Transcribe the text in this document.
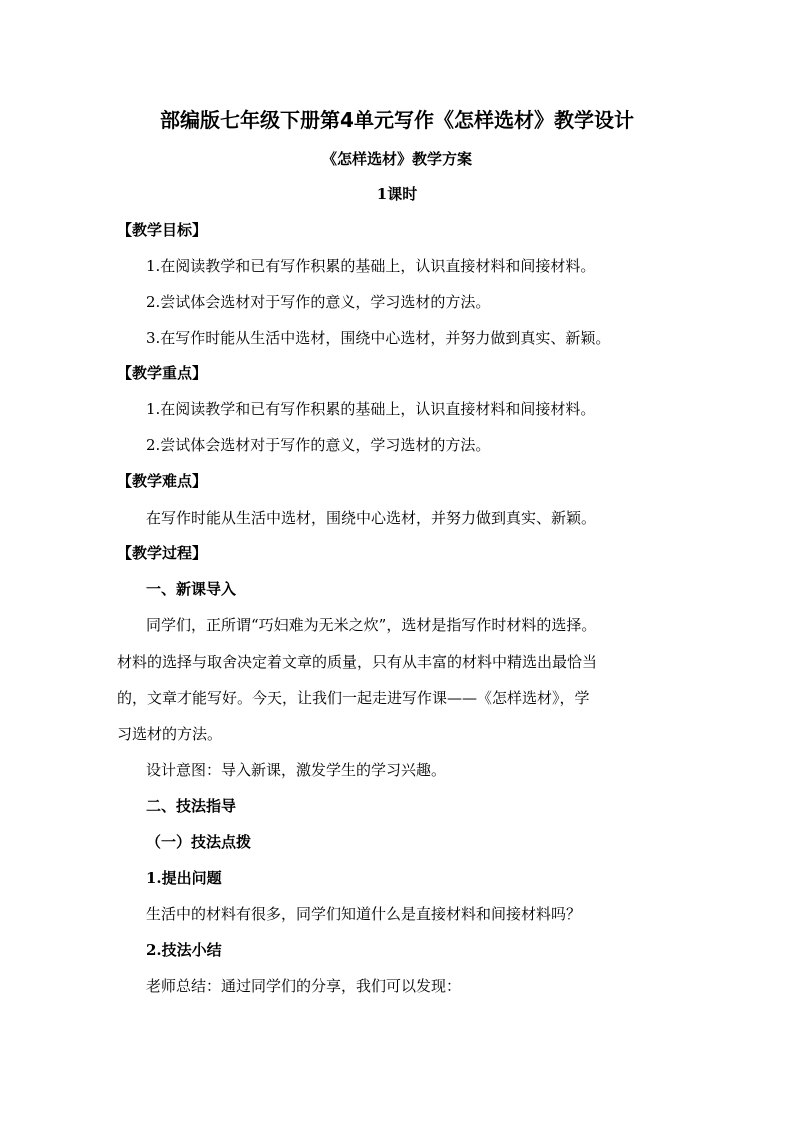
部编版七年级下册第4单元写作《怎样选材》教学设计
《怎样选材》教学方案
1课时
【教学目标】
1.在阅读教学和已有写作积累的基础上，认识直接材料和间接材料。
2.尝试体会选材对于写作的意义，学习选材的方法。
3.在写作时能从生活中选材，围绕中心选材，并努力做到真实、新颖。
【教学重点】
1.在阅读教学和已有写作积累的基础上，认识直接材料和间接材料。
2.尝试体会选材对于写作的意义，学习选材的方法。
【教学难点】
在写作时能从生活中选材，围绕中心选材，并努力做到真实、新颖。
【教学过程】
一、新课导入
同学们，正所谓“巧妇难为无米之炊”，选材是指写作时材料的选择。
材料的选择与取舍决定着文章的质量，只有从丰富的材料中精选出最恰当
的，文章才能写好。今天，让我们一起走进写作课——《怎样选材》，学
习选材的方法。
设计意图：导入新课，激发学生的学习兴趣。
二、技法指导
（一）技法点拨
1.提出问题
生活中的材料有很多，同学们知道什么是直接材料和间接材料吗？
2.技法小结
老师总结：通过同学们的分享，我们可以发现：
